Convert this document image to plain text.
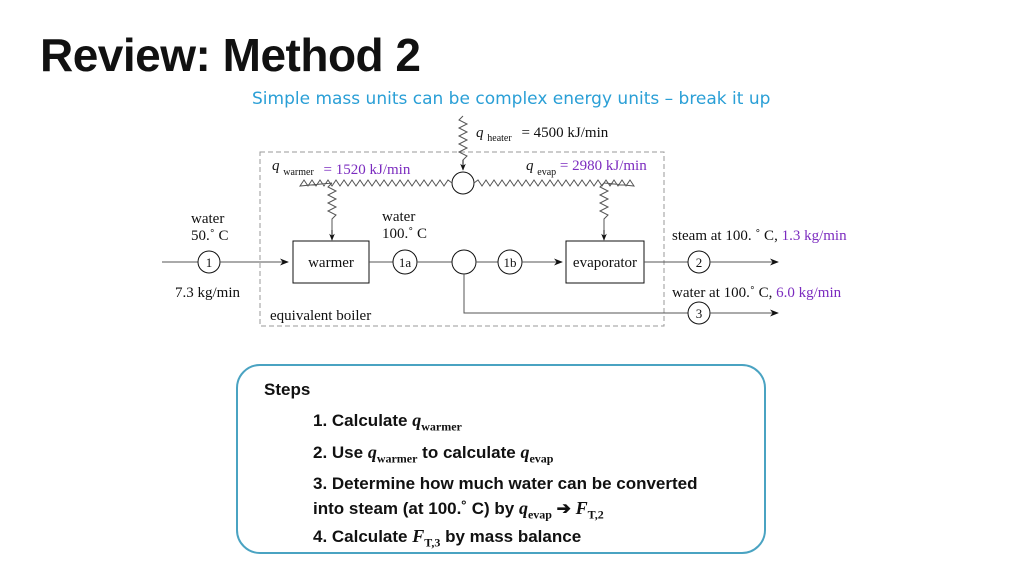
Review: Method 2
Simple mass units can be complex energy units – break it up
q $_{heater}$ = 4500 kJ/min
q $_{warmer}$ = 1520 kJ/min	q $_{evap}$ = 2980 kJ/min
water
50.˚ C
water
100.˚ C
7.3 kg/min
warmer	evaporator
equivalent boiler
1	1a	1b	2
3
steam at 100. ˚ C, 1.3 kg/min
water at 100.˚ C, 6.0 kg/min
Steps
1. Calculate $q_{warmer}$
2. Use $q_{warmer}$ to calculate $q_{evap}$
3. Determine how much water can be converted
into steam (at 100.˚ C) by $q_{evap}$ ➔ $F_{T,2}$
4. Calculate $F_{T,3}$ by mass balance
